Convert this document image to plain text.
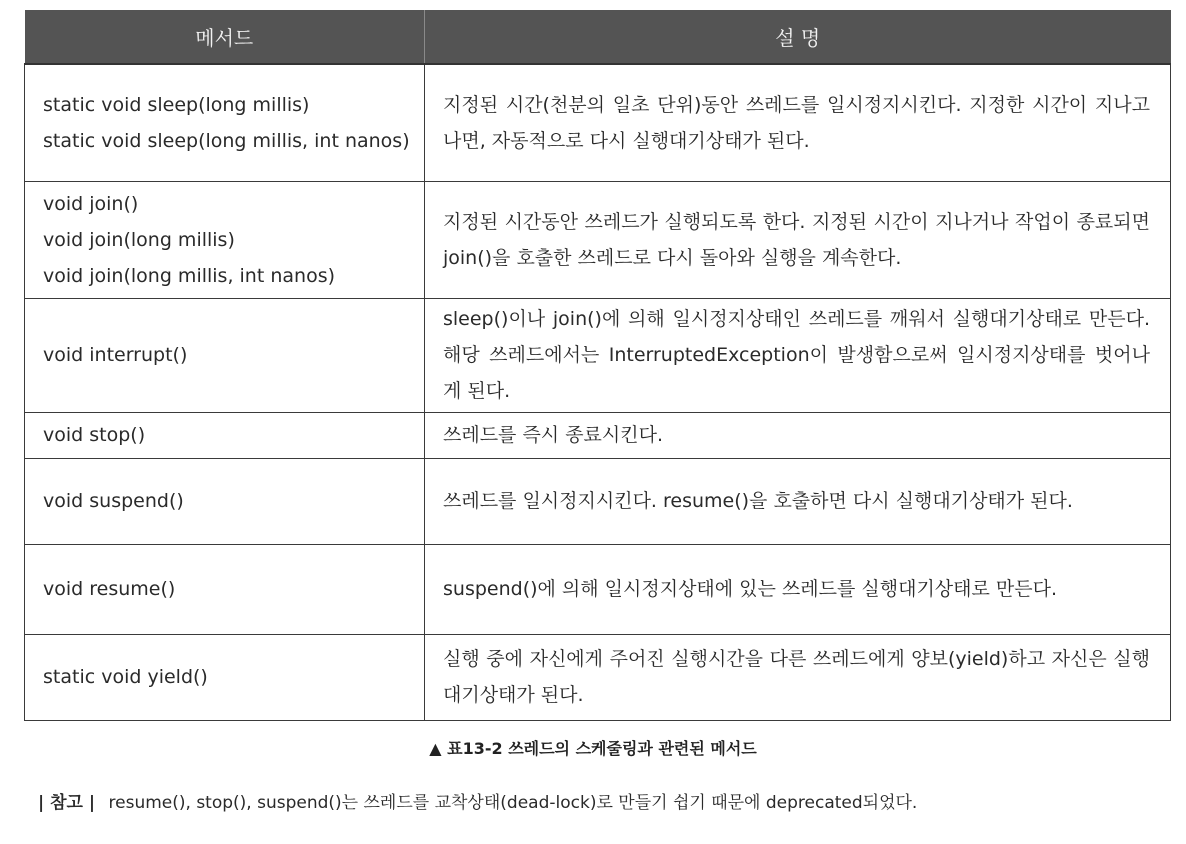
메서드	설 명

static void sleep(long millis)
static void sleep(long millis, int nanos)	지정된 시간(천분의 일초 단위)동안 쓰레드를 일시정지시킨다. 지정한 시간이 지나고 나면, 자동적으로 다시 실행대기상태가 된다.

void join()
void join(long millis)
void join(long millis, int nanos)	지정된 시간동안 쓰레드가 실행되도록 한다. 지정된 시간이 지나거나 작업이 종료되면 join()을 호출한 쓰레드로 다시 돌아와 실행을 계속한다.

void interrupt()	sleep()이나 join()에 의해 일시정지상태인 쓰레드를 깨워서 실행대기상태로 만든다. 해당 쓰레드에서는 InterruptedException이 발생함으로써 일시정지상태를 벗어나게 된다.

void stop()	쓰레드를 즉시 종료시킨다.

void suspend()	쓰레드를 일시정지시킨다. resume()을 호출하면 다시 실행대기상태가 된다.

void resume()	suspend()에 의해 일시정지상태에 있는 쓰레드를 실행대기상태로 만든다.

static void yield()	실행 중에 자신에게 주어진 실행시간을 다른 쓰레드에게 양보(yield)하고 자신은 실행대기상태가 된다.
▲ 표13-2 쓰레드의 스케줄링과 관련된 메서드
| 참고 | resume(), stop(), suspend()는 쓰레드를 교착상태(dead-lock)로 만들기 쉽기 때문에 deprecated되었다.
